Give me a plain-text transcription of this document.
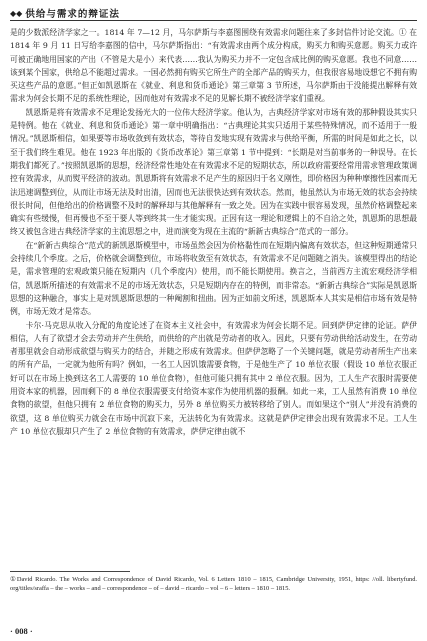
◆◆ 供给与需求的辩证法

是的少数派经济学家之一。1814 年 7—12 月，马尔萨斯与李嘉图围绕有效需求问题往来了多封信件讨论交流。① 在 1814 年 9 月 11 日写给李嘉图的信中，马尔萨斯指出：“有效需求由两个成分构成，购买力和购买意愿。购买力或许可被正确地用国家的产出（不管是大是小）来代表……我认为购买力并不一定包含成比例的购买意愿。我也不同意……该到某个国家，供给总不能超过需求。一国必然拥有购买它所生产的全部产品的购买力，但我很容易地设想它不拥有购买这些产品的意愿。”但正如凯恩斯在《就业、利息和货币通论》第三章第 3 节所述，马尔萨斯由于没能提出解释有效需求为何会长期不足的系统性理论，因而他对有效需求不足的见解长期不被经济学家们重视。

凯恩斯是将有效需求不足理论发扬光大的一位伟大经济学家。他认为，古典经济学家对市场有效的那种假设其实只是特例。他在《就业、利息和货币通论》第一章中明确指出：“古典理论其实只适用于某些特殊情况，而不适用于一般情况。”凯恩斯相信，如果要等市场收敛到有效状态，等待自发地实现有效需求与供给平衡，所需的时间是如此之长，以至于我们终生难见。他在 1923 年出版的《货币改革论》第三章第 1 节中提到：“长期是对当前事务的一种误导。在长期我们都死了。”按照凯恩斯的思想，经济经常性地处在有效需求不足的短期状态，所以政府需要经常用需求管理政策调控有效需求，从而熨平经济的波动。凯恩斯将有效需求不足产生的原因归于名义刚性，即价格因为种种摩擦性因素而无法迅速调整到位，从而让市场无法及时出清，因而也无法很快达到有效状态。然而，他虽然认为市场无效的状态会持续很长时间，但他给出的价格调整不及时的解释却与其他解释有一致之处。因为在实践中很容易发现，虽然价格调整起来确实有些缓慢，但再慢也不至于要人等到终其一生才能实现。正因有这一理论和逻辑上的不自洽之处，凯恩斯的思想最终又被包含进古典经济学家的主流思想之中，进而演变为现在主流的“新新古典综合”范式的一部分。

在“新新古典综合”范式的新凯恩斯模型中，市场虽然会因为价格黏性而在短期内偏离有效状态，但这种短期通常只会持续几个季度。之后，价格就会调整到位，市场将收敛至有效状态，有效需求不足问题随之消失。该模型得出的结论是，需求管理的宏观政策只能在短期内（几个季度内）使用，而不能长期使用。换言之，当前西方主流宏观经济学相信，凯恩斯所描述的有效需求不足的市场无效状态，只是短期内存在的特例，而非常态。“新新古典综合”实际是凯恩斯思想的这种融合，事实上是对凯恩斯思想的一种阉割和扭曲。因为正如前文所述，凯恩斯本人其实是相信市场有效是特例，市场无效才是常态。

卡尔·马克思从收入分配的角度论述了在资本主义社会中，有效需求为何会长期不足。回到萨伊定律的论证。萨伊相信，人有了欲望才会去劳动并产生供给，而供给的产出就是劳动者的收入。因此，只要有劳动供给活动发生，在劳动者那里就会自动形成欲望与购买力的结合，并随之形成有效需求。但萨伊忽略了一个关键问题，就是劳动者所生产出来的所有产品，一定就为他所有吗？例如，一名工人因饥饿需要食物，于是他生产了 10 单位衣服（假设 10 单位衣服正好可以在市场上换到这名工人需要的 10 单位食物），但他可能只拥有其中 2 单位衣服。因为，工人生产衣服时需要使用资本家的机器，因而剩下的 8 单位衣服需要支付给资本家作为使用机器的报酬。如此一来，工人虽然有消费 10 单位食物的欲望，但他只拥有 2 单位食物的购买力，另外 8 单位购买力被转移给了别人。而如果这个“别人”并没有消费的欲望，这 8 单位购买力就会在市场中沉寂下来，无法转化为有效需求。这就是萨伊定律会出现有效需求不足。工人生产 10 单位衣服却只产生了 2 单位食物的有效需求，萨伊定律由就不

①David Ricardo. The Works and Correspondence of David Ricardo, Vol. 6 Letters 1810 – 1815, Cambridge University, 1951, https: //oll. libertyfund. org/titles/sraffa – the – works – and – correspondence – of – david – ricardo – vol – 6 – letters – 1810 – 1815.
· 008 ·
